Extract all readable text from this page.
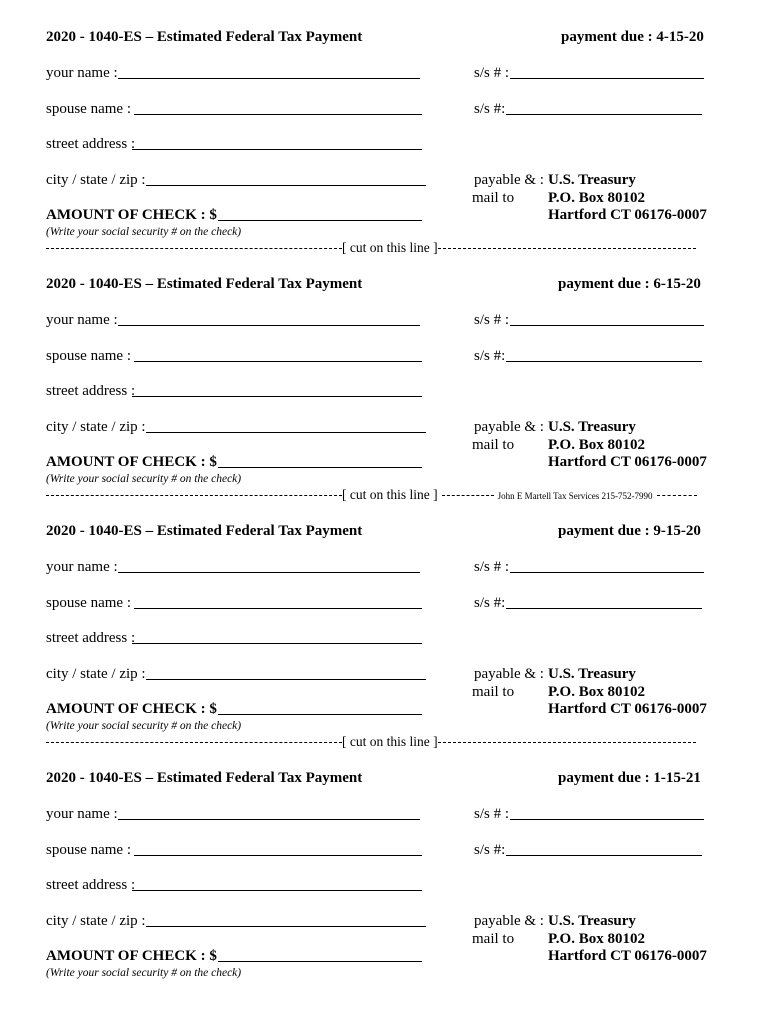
2020 - 1040-ES – Estimated Federal Tax Payment	payment due : 4-15-20
your name :	s/s # :
spouse name :	s/s #:
street address :
city / state / zip :	payable & :
mail to
U.S. Treasury
P.O. Box 80102
Hartford CT 06176-0007
AMOUNT OF CHECK : $
(Write your social security # on the check)
[ cut on this line ]
2020 - 1040-ES – Estimated Federal Tax Payment	payment due : 6-15-20
your name :	s/s # :
spouse name :	s/s #:
street address :
city / state / zip :	payable & :
mail to
U.S. Treasury
P.O. Box 80102
Hartford CT 06176-0007
AMOUNT OF CHECK : $
(Write your social security # on the check)
[ cut on this line ]	John E Martell Tax Services 215-752-7990
2020 - 1040-ES – Estimated Federal Tax Payment	payment due : 9-15-20
your name :	s/s # :
spouse name :	s/s #:
street address :
city / state / zip :	payable & :
mail to
U.S. Treasury
P.O. Box 80102
Hartford CT 06176-0007
AMOUNT OF CHECK : $
(Write your social security # on the check)
[ cut on this line ]
2020 - 1040-ES – Estimated Federal Tax Payment	payment due : 1-15-21
your name :	s/s # :
spouse name :	s/s #:
street address :
city / state / zip :	payable & :
mail to
U.S. Treasury
P.O. Box 80102
Hartford CT 06176-0007
AMOUNT OF CHECK : $
(Write your social security # on the check)
